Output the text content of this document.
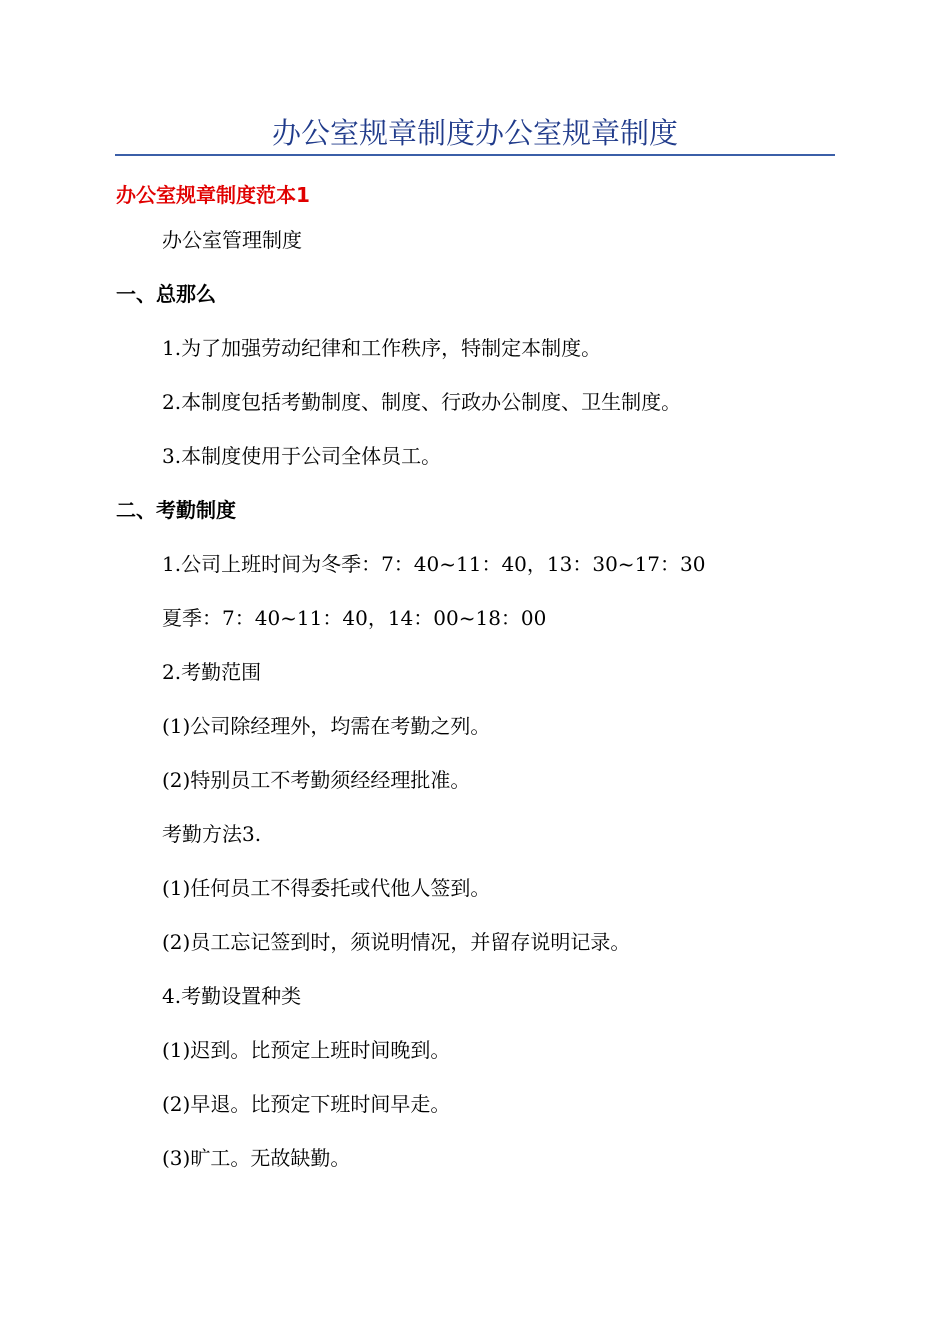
办公室规章制度办公室规章制度
办公室规章制度范本1
办公室管理制度
一、总那么
1.为了加强劳动纪律和工作秩序，特制定本制度。
2.本制度包括考勤制度、制度、行政办公制度、卫生制度。
3.本制度使用于公司全体员工。
二、考勤制度
1.公司上班时间为冬季：7：40~11：40，13：30~17：30
夏季：7：40~11：40，14：00~18：00
2.考勤范围
(1)公司除经理外，均需在考勤之列。
(2)特别员工不考勤须经经理批准。
考勤方法3.
(1)任何员工不得委托或代他人签到。
(2)员工忘记签到时，须说明情况，并留存说明记录。
4.考勤设置种类
(1)迟到。比预定上班时间晚到。
(2)早退。比预定下班时间早走。
(3)旷工。无故缺勤。
